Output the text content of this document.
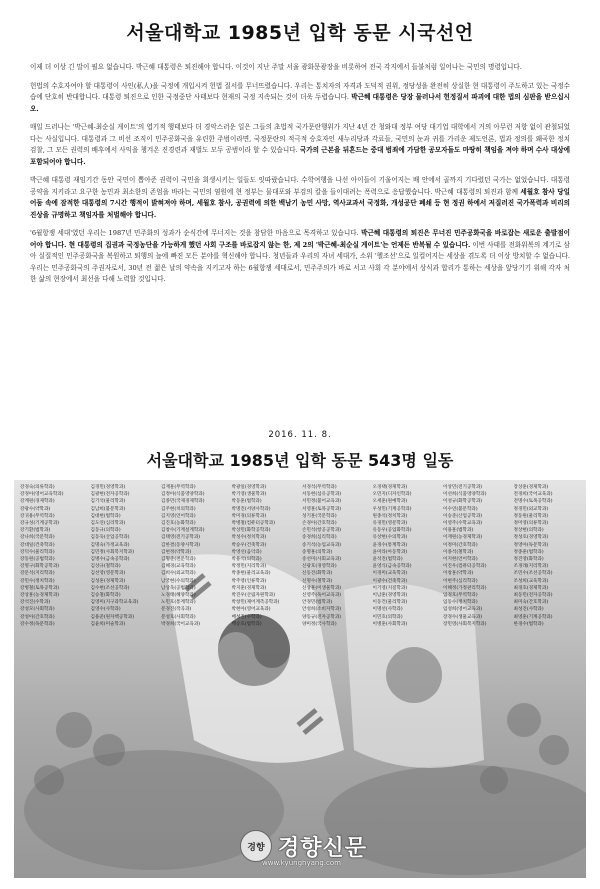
서울대학교 1985년 입학 동문 시국선언

이제 더 이상 긴 말이 필요 없습니다. 박근혜 대통령은 퇴진해야 합니다. 이것이 지난 주말 서울 광화문광장을 비롯하여 전국 각지에서 들불처럼 일어나는 국민의 명령입니다.

헌법의 수호자여야 할 대통령이 사인(私人)을 국정에 개입시켜 헌법 질서를 무너뜨렸습니다. 우리는 통치자의 자격과 도덕적 권위, 정당성을 완전히 상실한 현 대통령이 주도하고 있는 국정수습에 단호히 반대합니다. 대통령 퇴진으로 인한 국정중단 사태보다 현재의 국정 지속되는 것이 더욱 두렵습니다. 박근혜 대통령은 당장 물러나서 헌정질서 파괴에 대한 법의 심판을 받으십시오.

매일 드러나는 '박근혜-최순실 게이트'의 엽기적 행태보다 더 경악스러운 일은 그들의 초법적 국가문란행위가 지난 4년 간 청와대 정부 여당 대기업 대학에서 거의 아무런 저항 없이 관철되었다는 사실입니다. 대통령과 그 비선 조직이 민주공화국을 유린한 주범이라면, 국정문란의 적극적 승호자인 새누리당과 각료들, 국민의 눈과 귀를 가리운 제도언론, 법과 정의를 왜곡한 정치 검찰, 그 모든 권력의 배후에서 사익을 챙겨온 진경련과 재벌도 모두 공범이라 할 수 있습니다. 국가의 근본을 뒤흔드는 중대 범죄에 가담한 공모자들도 마땅히 책임을 져야 하며 수사 대상에 포함되어야 합니다.

박근혜 대통령 재임기간 동안 국민이 뽑아준 권력이 국민을 회생시키는 일들도 잇따랐습니다. 수학여행을 나선 아이들이 기울어지는 배 안에서 골까지 기다렸던 국가는 없었습니다. 대통령 공약을 지키라고 요구한 농민과 최소한의 존엄을 바라는 국민의 염원에 현 정부는 물대포와 부검의 칼을 들이대려는 폭력으로 응답했습니다. 박근혜 대통령의 퇴진과 함께 세월호 참사 당일 어둠 속에 잠적한 대통령의 7시간 행적이 밝혀져야 하며, 세월호 참사, 공권력에 의한 백남기 농민 사망, 역사교과서 국정화, 개성공단 폐쇄 등 현 정권 하에서 저질러진 국가폭력과 비리의 진상을 규명하고 책임자를 처벌해야 합니다.

'6월항쟁 세대'였던 우리는 1987년 민주화의 성과가 순식간에 무너지는 것을 참담한 마음으로 목격하고 있습니다. 박근혜 대통령의 퇴진은 무너진 민주공화국을 바로잡는 새로운 출발점이어야 합니다. 현 대통령의 집권과 국정농단을 가능하게 했던 사회 구조를 바로잡지 않는 한, 제 2의 '박근혜-최순실 게이트'는 언제든 반복될 수 있습니다. 이번 사태를 전화위복의 계기로 삼아 실질적인 민주공화국을 복원하고 퇴행의 늪에 빠진 모든 분야를 혁신해야 합니다. 청년들과 우리의 자녀 세대가, 소위 '헬조선'으로 일컬어지는 세상을 겪도록 더 이상 방치할 수 없습니다. 우리는 민주공화국의 주권자로서, 30년 전 젊은 날의 약속을 지키고자 하는 6월항쟁 세대로서, 민주주의가 바로 서고 사회 각 분야에서 상식과 합리가 통하는 세상을 앞당기기 위해 각자 처한 삶의 현장에서 최선을 다해 노력할 것입니다.

2016. 11. 8.
서울대학교 1985년 입학 동문 543명 일동
강경숙(의류학과)
강경아(영어교육학과)
강계원(경제학과)
강광수(약학과)
강귀용(무역학과)
강규성(기계공학과)
강기환(법학과)
강나희(국문학과)
강대일(건축학과)
강덕수(물리학과)
강동원(공법학과)
강명구(화학공학과)
강문석(지리학과)
강민수(정치학과)
강병철(토목공학과)
강상훈(농경제학과)
강석진(수학과)
강성모(사회학과)
강성아(간호학과)
강수정(독문학과)
김경민(경영학과)
김광현(전자공학과)
김기석(물리학과)
김남희(불문학과)
김대현(법학과)
김도연(심리학과)
김동규(의학과)
김동욱(산업공학과)
김명숙(가정교육과)
김민정(사회복지학과)
김병수(금속공학과)
김상규(철학과)
김선영(영문학과)
김성훈(경제학과)
김수현(조선공학과)
김승철(화학과)
김영미(지구과학교육과)
김영수(사학과)
김용준(원자핵공학과)
김윤희(미술학과)
김재훈(무역학과)
김정아(식품영양학과)
김종민(국제경제학과)
김주현(치의학과)
김지영(언어학과)
김진호(농화학과)
김창수(기계설계학과)
김태영(전기공학과)
김한결(동양사학과)
김현정(약학과)
김형준(천문학과)
김혜경(교육학과)
김희수(외교학과)
남궁현(수의학과)
남상욱(공법학과)
노경태(해양학과)
노민호(통계학과)
문경진(작곡과)
문성호(사회학과)
박경희(국어교육과)
박광일(경영학과)
박기영(생물학과)
박동훈(법학과)
박명진(서양사학과)
박미경(의류학과)
박병철(컴퓨터공학과)
박상민(화학공학과)
박성수(정치학과)
박승우(건축학과)
박영선(음악과)
박용석(의학과)
박정민(지리학과)
박종현(물리교육과)
박주영(인류학과)
박지훈(경제학과)
박진우(산림자원학과)
박창민(제어계측공학과)
박현아(영어교육과)
배성진(수학과)
백승호(법학과)
서경석(무역학과)
서동현(섬유공학과)
서민정(불어교육과)
서영훈(토목공학과)
성기훈(국문학과)
손경아(간호학과)
손민석(항공공학과)
송경희(심리학과)
송기석(농업교육과)
송명훈(의학과)
송선미(사회교육과)
신광호(경영학과)
신동진(화학과)
신명수(철학과)
신상훈(미생물학과)
신영주(독어교육과)
안경민(법학과)
안성희(소비자학과)
양동규(전자공학과)
양미정(국사학과)
오경택(경제학과)
오민지(디자인학과)
오세훈(원예학과)
우성민(기계공학과)
원종석(정치학과)
유경민(영문학과)
유동우(공업화학과)
유상현(수의학과)
윤경수(통계학과)
윤미라(아동학과)
윤석진(법학과)
윤영식(금속공학과)
이경미(교육학과)
이광수(건축학과)
이기영(지질학과)
이남훈(경영학과)
이동건(물리학과)
이명선(사학과)
이민호(의학과)
이병훈(사회학과)
이상민(전기공학과)
이선희(식품영양학과)
이성규(화학공학과)
이수연(불문학과)
이승준(산업공학과)
이영주(수학교육과)
이용훈(법학과)
이재원(농경제학과)
이정미(간호학과)
이종석(철학과)
이지현(언어학과)
이진우(컴퓨터공학과)
이창훈(약학과)
이현주(심리학과)
이혜정(가정관리학과)
임경호(무역학과)
임동수(정치학과)
임성희(영어교육과)
장경수(생물교육과)
장민영(사회복지학과)
장상훈(경제학과)
전경희(국어교육과)
전명수(토목공학과)
정경민(외교학과)
정동원(물리학과)
정미영(의류학과)
정상현(의학과)
정성호(경영학과)
정영아(독문학과)
정종훈(법학과)
정진영(화학과)
조경래(지리학과)
조민수(조선공학과)
조성희(교육학과)
최경호(경제학과)
최동민(전자공학과)
최미숙(간호학과)
최성진(사학과)
최영훈(기계공학과)
한경수(법학과)
경향 경향신문
www.kyunghyang.com
